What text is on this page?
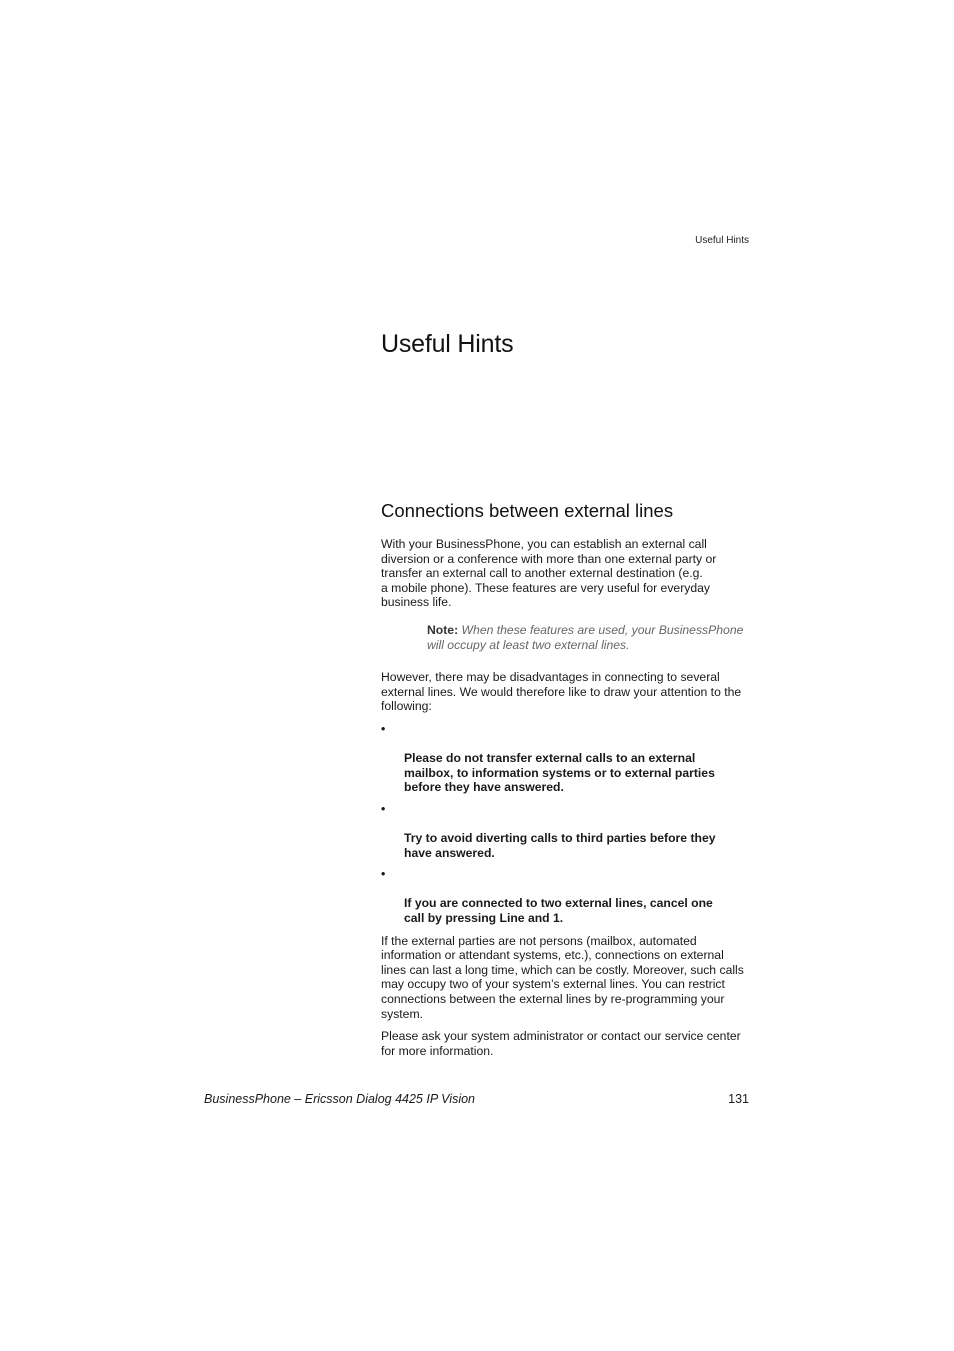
Useful Hints
Useful Hints
Connections between external lines

With your BusinessPhone, you can establish an external call
diversion or a conference with more than one external party or
transfer an external call to another external destination (e.g.
a mobile phone). These features are very useful for everyday
business life.

Note: When these features are used, your BusinessPhone
will occupy at least two external lines.

However, there may be disadvantages in connecting to several
external lines. We would therefore like to draw your attention to the
following:

•

Please do not transfer external calls to an external
mailbox, to information systems or to external parties
before they have answered.

•

Try to avoid diverting calls to third parties before they
have answered.

•

If you are connected to two external lines, cancel one
call by pressing Line and 1.

If the external parties are not persons (mailbox, automated
information or attendant systems, etc.), connections on external
lines can last a long time, which can be costly. Moreover, such calls
may occupy two of your system’s external lines. You can restrict
connections between the external lines by re-programming your
system.

Please ask your system administrator or contact our service center
for more information.

BusinessPhone – Ericsson Dialog 4425 IP Vision	131
